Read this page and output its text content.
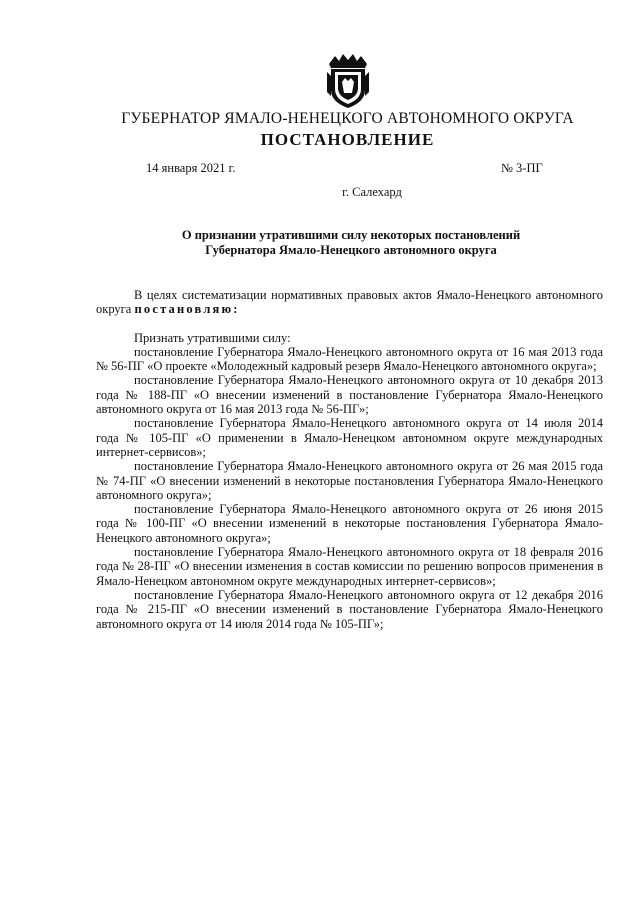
ГУБЕРНАТОР ЯМАЛО-НЕНЕЦКОГО АВТОНОМНОГО ОКРУГА
ПОСТАНОВЛЕНИЕ
14 января 2021 г.	№ 3-ПГ
г. Салехард
О признании утратившими силу некоторых постановлений
Губернатора Ямало-Ненецкого автономного округа

В целях систематизации нормативных правовых актов Ямало-Ненецкого автономного округа постановляю:

Признать утратившими силу:

постановление Губернатора Ямало-Ненецкого автономного округа от 16 мая 2013 года № 56-ПГ «О проекте «Молодежный кадровый резерв Ямало-Ненецкого автономного округа»;

постановление Губернатора Ямало-Ненецкого автономного округа от 10 декабря 2013 года № 188-ПГ «О внесении изменений в постановление Губернатора Ямало-Ненецкого автономного округа от 16 мая 2013 года № 56-ПГ»;

постановление Губернатора Ямало-Ненецкого автономного округа от 14 июля 2014 года № 105-ПГ «О применении в Ямало-Ненецком автономном округе международных интернет-сервисов»;

постановление Губернатора Ямало-Ненецкого автономного округа от 26 мая 2015 года № 74-ПГ «О внесении изменений в некоторые постановления Губернатора Ямало-Ненецкого автономного округа»;

постановление Губернатора Ямало-Ненецкого автономного округа от 26 июня 2015 года № 100-ПГ «О внесении изменений в некоторые постановления Губернатора Ямало-Ненецкого автономного округа»;

постановление Губернатора Ямало-Ненецкого автономного округа от 18 февраля 2016 года № 28-ПГ «О внесении изменения в состав комиссии по решению вопросов применения в Ямало-Ненецком автономном округе международных интернет-сервисов»;

постановление Губернатора Ямало-Ненецкого автономного округа от 12 декабря 2016 года № 215-ПГ «О внесении изменений в постановление Губернатора Ямало-Ненецкого автономного округа от 14 июля 2014 года № 105-ПГ»;
